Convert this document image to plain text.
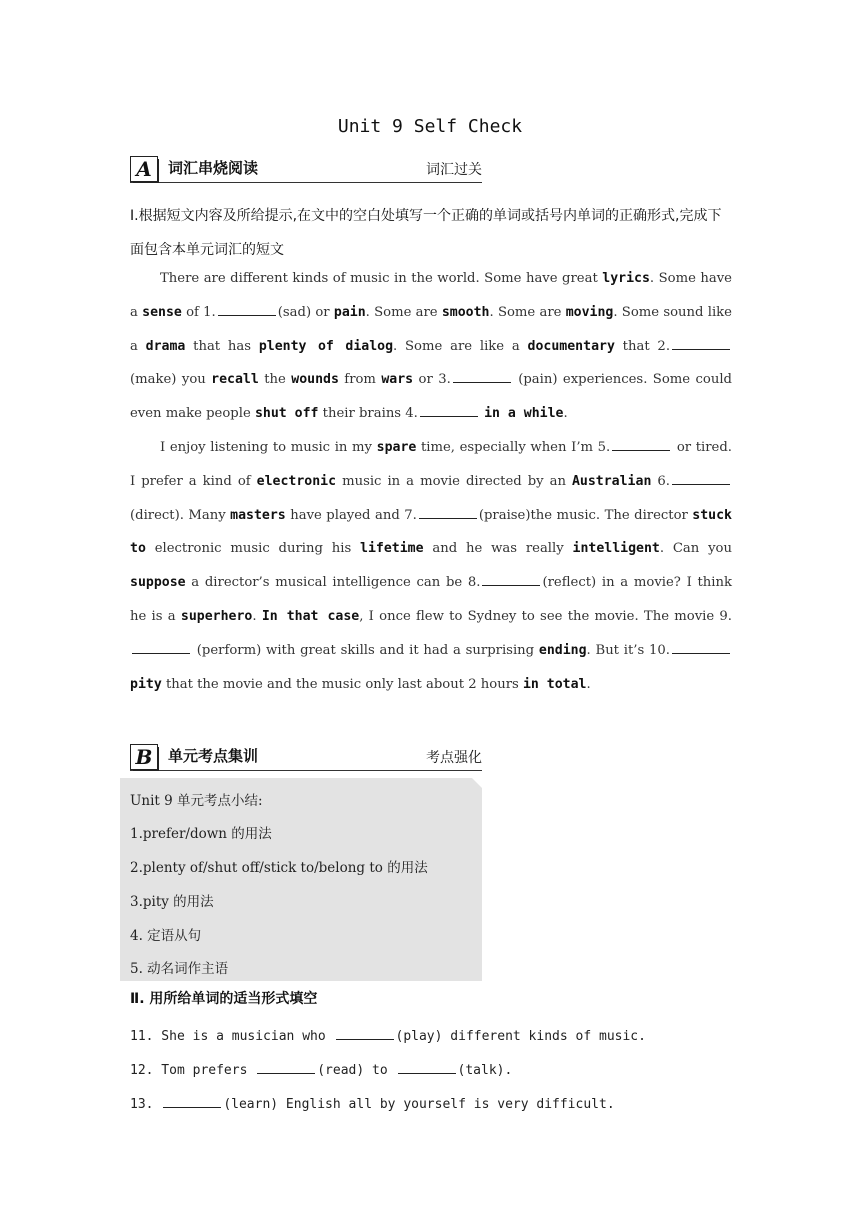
Unit 9 Self Check
A	词汇串烧阅读	词汇过关
Ⅰ.根据短文内容及所给提示,在文中的空白处填写一个正确的单词或括号内单词的正确形式,完成下面包含本单元词汇的短文
There are different kinds of music in the world. Some have great lyrics. Some have a sense of 1.	(sad) or pain. Some are smooth. Some are moving. Some sound like a drama that has plenty of dialog. Some are like a documentary that 2. (make) you recall the wounds from wars or 3.	(pain) experiences. Some could even make people shut off their brains 4.	in a while.
I enjoy listening to music in my spare time, especially when I’m 5.	or tired. I prefer a kind of electronic music in a movie directed by an Australian 6.(direct). Many masters have played and 7.	(praise)the music. The director stuck to electronic music during his lifetime and he was really intelligent. Can you suppose a director’s musical intelligence can be 8.	(reflect) in a movie? I think he is a superhero. In that case, I once flew to Sydney to see the movie. The movie 9. (perform) with great skills and it had a surprising ending. But it’s 10. pity that the movie and the music only last about 2 hours in total.
B	单元考点集训	考点强化
Unit 9 单元考点小结:
1.prefer/down 的用法
2.plenty of/shut off/stick to/belong to 的用法
3.pity 的用法
4. 定语从句
5. 动名词作主语
Ⅱ. 用所给单词的适当形式填空
11. She is a musician who	(play) different kinds of music.
12. Tom prefers	(read) to	(talk).
13.	(learn) English all by yourself is very difficult.
